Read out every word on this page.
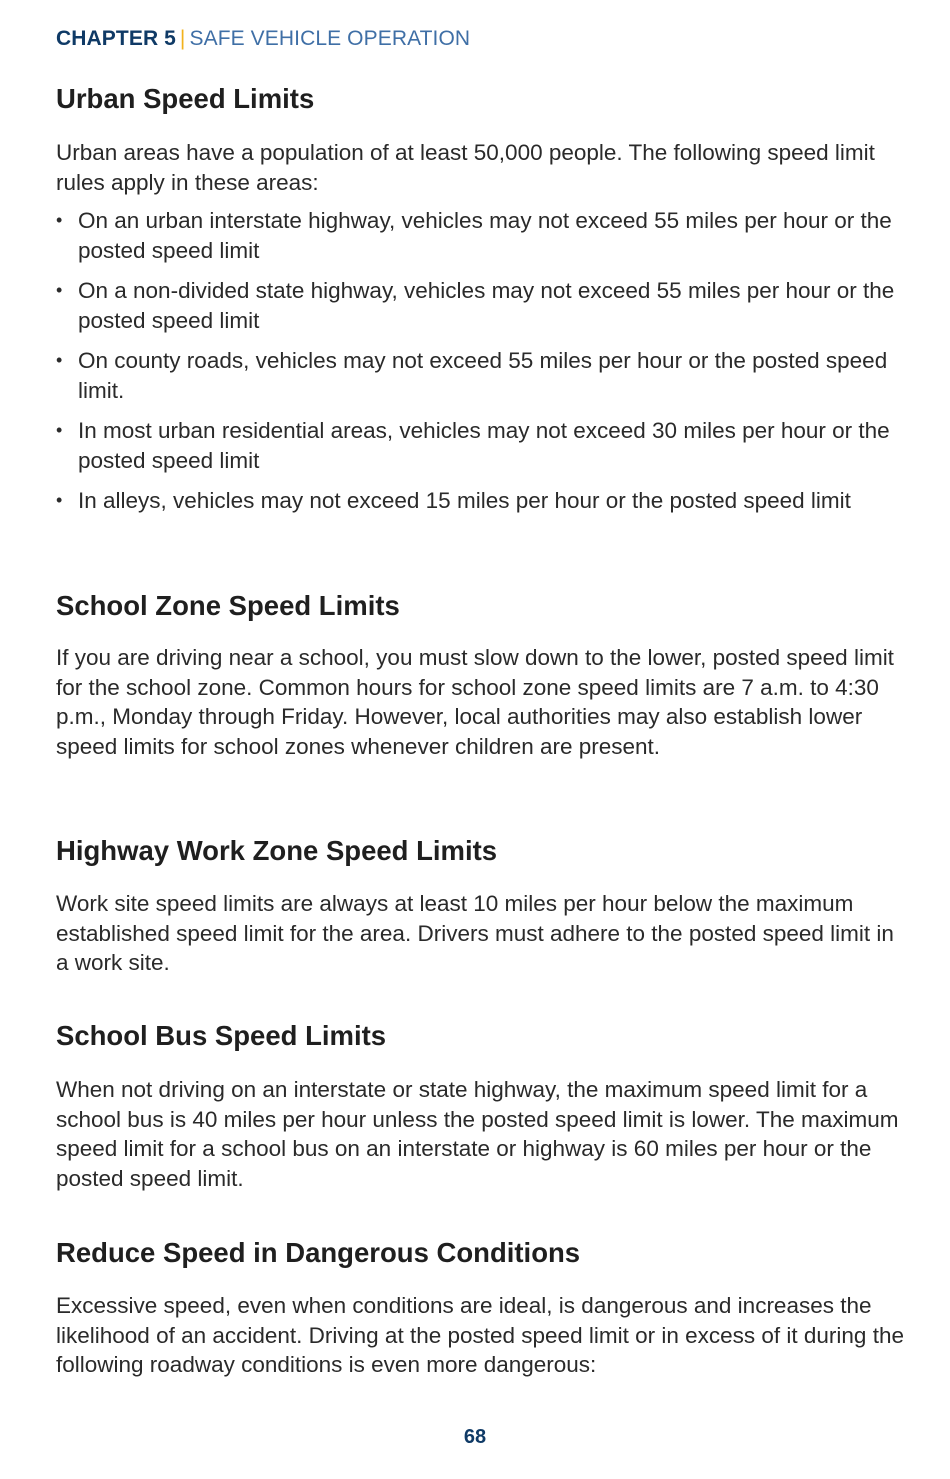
CHAPTER 5 | SAFE VEHICLE OPERATION
Urban Speed Limits

Urban areas have a population of at least 50,000 people. The following speed limit rules apply in these areas:

• On an urban interstate highway, vehicles may not exceed 55 miles per hour or the posted speed limit
• On a non-divided state highway, vehicles may not exceed 55 miles per hour or the posted speed limit
• On county roads, vehicles may not exceed 55 miles per hour or the posted speed limit.
• In most urban residential areas, vehicles may not exceed 30 miles per hour or the posted speed limit
• In alleys, vehicles may not exceed 15 miles per hour or the posted speed limit
School Zone Speed Limits

If you are driving near a school, you must slow down to the lower, posted speed limit for the school zone. Common hours for school zone speed limits are 7 a.m. to 4:30 p.m., Monday through Friday. However, local authorities may also establish lower speed limits for school zones whenever children are present.

Highway Work Zone Speed Limits

Work site speed limits are always at least 10 miles per hour below the maximum established speed limit for the area. Drivers must adhere to the posted speed limit in a work site.

School Bus Speed Limits

When not driving on an interstate or state highway, the maximum speed limit for a school bus is 40 miles per hour unless the posted speed limit is lower. The maximum speed limit for a school bus on an interstate or highway is 60 miles per hour or the posted speed limit.

Reduce Speed in Dangerous Conditions

Excessive speed, even when conditions are ideal, is dangerous and increases the likelihood of an accident. Driving at the posted speed limit or in excess of it during the following roadway conditions is even more dangerous:

68
